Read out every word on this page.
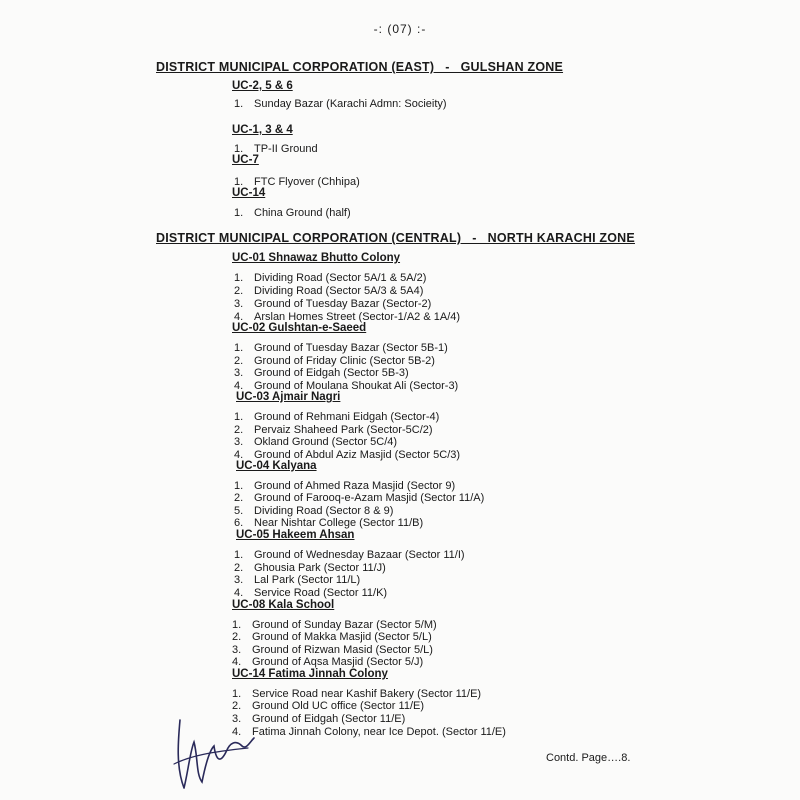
-: (07) :-
DISTRICT MUNICIPAL CORPORATION (EAST)   -   GULSHAN ZONE
UC-2, 5 & 6
1. Sunday Bazar (Karachi Admn: Socieity)
UC-1, 3 & 4
1. TP-II Ground
UC-7
1. FTC Flyover (Chhipa)
UC-14
1. China Ground (half)
DISTRICT MUNICIPAL CORPORATION (CENTRAL)   -   NORTH KARACHI ZONE
UC-01 Shnawaz Bhutto Colony
1. Dividing Road (Sector 5A/1 & 5A/2)
2. Dividing Road (Sector 5A/3 & 5A4)
3. Ground of Tuesday Bazar (Sector-2)
4. Arslan Homes Street (Sector-1/A2 & 1A/4)
UC-02 Gulshtan-e-Saeed
1. Ground of Tuesday Bazar (Sector 5B-1)
2. Ground of Friday Clinic (Sector 5B-2)
3. Ground of Eidgah (Sector 5B-3)
4. Ground of Moulana Shoukat Ali (Sector-3)
UC-03 Ajmair Nagri
1. Ground of Rehmani Eidgah (Sector-4)
2. Pervaiz Shaheed Park (Sector-5C/2)
3. Okland Ground (Sector 5C/4)
4. Ground of Abdul Aziz Masjid (Sector 5C/3)
UC-04 Kalyana
1. Ground of Ahmed Raza Masjid (Sector 9)
2. Ground of Farooq-e-Azam Masjid (Sector 11/A)
5. Dividing Road (Sector 8 & 9)
6. Near Nishtar College (Sector 11/B)
UC-05 Hakeem Ahsan
1. Ground of Wednesday Bazaar (Sector 11/I)
2. Ghousia Park (Sector 11/J)
3. Lal Park (Sector 11/L)
4. Service Road (Sector 11/K)
UC-08 Kala School
1. Ground of Sunday Bazar (Sector 5/M)
2. Ground of Makka Masjid (Sector 5/L)
3. Ground of Rizwan Masid (Sector 5/L)
4. Ground of Aqsa Masjid (Sector 5/J)
UC-14 Fatima Jinnah Colony
1. Service Road near Kashif Bakery (Sector 11/E)
2. Ground Old UC office (Sector 11/E)
3. Ground of Eidgah (Sector 11/E)
4. Fatima Jinnah Colony, near Ice Depot. (Sector 11/E)
Contd. Page….8.
